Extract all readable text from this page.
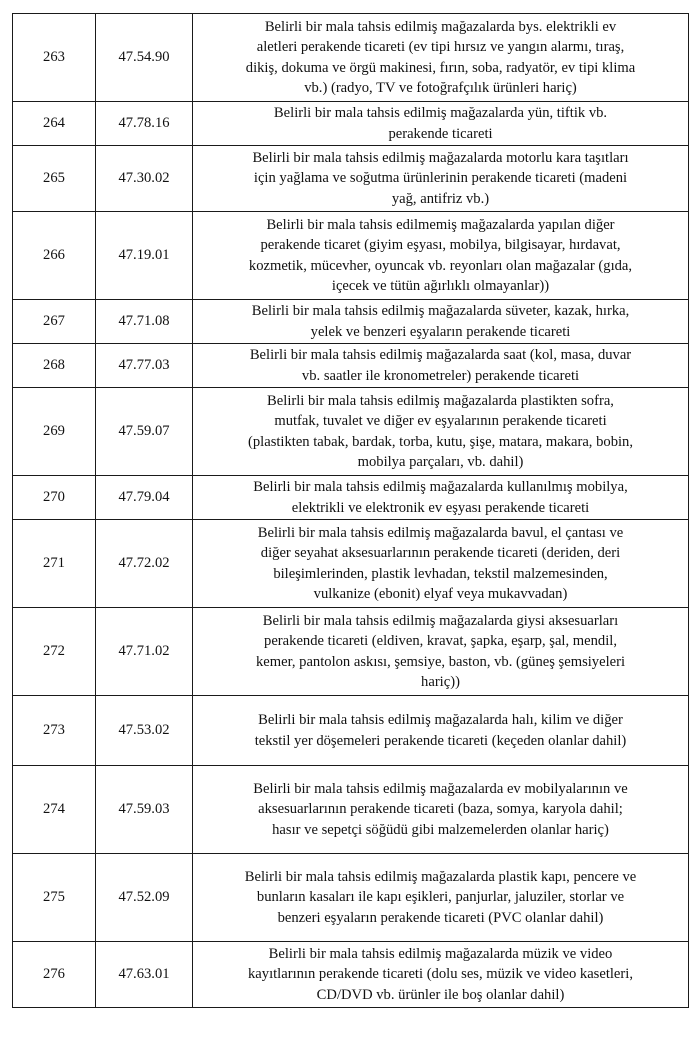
263	47.54.90	Belirli bir mala tahsis edilmiş mağazalarda bys. elektrikli ev
aletleri perakende ticareti (ev tipi hırsız ve yangın alarmı, tıraş,
dikiş, dokuma ve örgü makinesi, fırın, soba, radyatör, ev tipi klima
vb.) (radyo, TV ve fotoğrafçılık ürünleri hariç)
264	47.78.16	Belirli bir mala tahsis edilmiş mağazalarda yün, tiftik vb.
perakende ticareti
265	47.30.02	Belirli bir mala tahsis edilmiş mağazalarda motorlu kara taşıtları
için yağlama ve soğutma ürünlerinin perakende ticareti (madeni
yağ, antifriz vb.)
266	47.19.01	Belirli bir mala tahsis edilmemiş mağazalarda yapılan diğer
perakende ticaret (giyim eşyası, mobilya, bilgisayar, hırdavat,
kozmetik, mücevher, oyuncak vb. reyonları olan mağazalar (gıda,
içecek ve tütün ağırlıklı olmayanlar))
267	47.71.08	Belirli bir mala tahsis edilmiş mağazalarda süveter, kazak, hırka,
yelek ve benzeri eşyaların perakende ticareti
268	47.77.03	Belirli bir mala tahsis edilmiş mağazalarda saat (kol, masa, duvar
vb. saatler ile kronometreler) perakende ticareti
269	47.59.07	Belirli bir mala tahsis edilmiş mağazalarda plastikten sofra,
mutfak, tuvalet ve diğer ev eşyalarının perakende ticareti
(plastikten tabak, bardak, torba, kutu, şişe, matara, makara, bobin,
mobilya parçaları, vb. dahil)
270	47.79.04	Belirli bir mala tahsis edilmiş mağazalarda kullanılmış mobilya,
elektrikli ve elektronik ev eşyası perakende ticareti
271	47.72.02	Belirli bir mala tahsis edilmiş mağazalarda bavul, el çantası ve
diğer seyahat aksesuarlarının perakende ticareti (deriden, deri
bileşimlerinden, plastik levhadan, tekstil malzemesinden,
vulkanize (ebonit) elyaf veya mukavvadan)
272	47.71.02	Belirli bir mala tahsis edilmiş mağazalarda giysi aksesuarları
perakende ticareti (eldiven, kravat, şapka, eşarp, şal, mendil,
kemer, pantolon askısı, şemsiye, baston, vb. (güneş şemsiyeleri
hariç))
273	47.53.02	Belirli bir mala tahsis edilmiş mağazalarda halı, kilim ve diğer
tekstil yer döşemeleri perakende ticareti (keçeden olanlar dahil)
274	47.59.03	Belirli bir mala tahsis edilmiş mağazalarda ev mobilyalarının ve
aksesuarlarının perakende ticareti (baza, somya, karyola dahil;
hasır ve sepetçi söğüdü gibi malzemelerden olanlar hariç)
275	47.52.09	Belirli bir mala tahsis edilmiş mağazalarda plastik kapı, pencere ve
bunların kasaları ile kapı eşikleri, panjurlar, jaluziler, storlar ve
benzeri eşyaların perakende ticareti (PVC olanlar dahil)
276	47.63.01	Belirli bir mala tahsis edilmiş mağazalarda müzik ve video
kayıtlarının perakende ticareti (dolu ses, müzik ve video kasetleri,
CD/DVD vb. ürünler ile boş olanlar dahil)
